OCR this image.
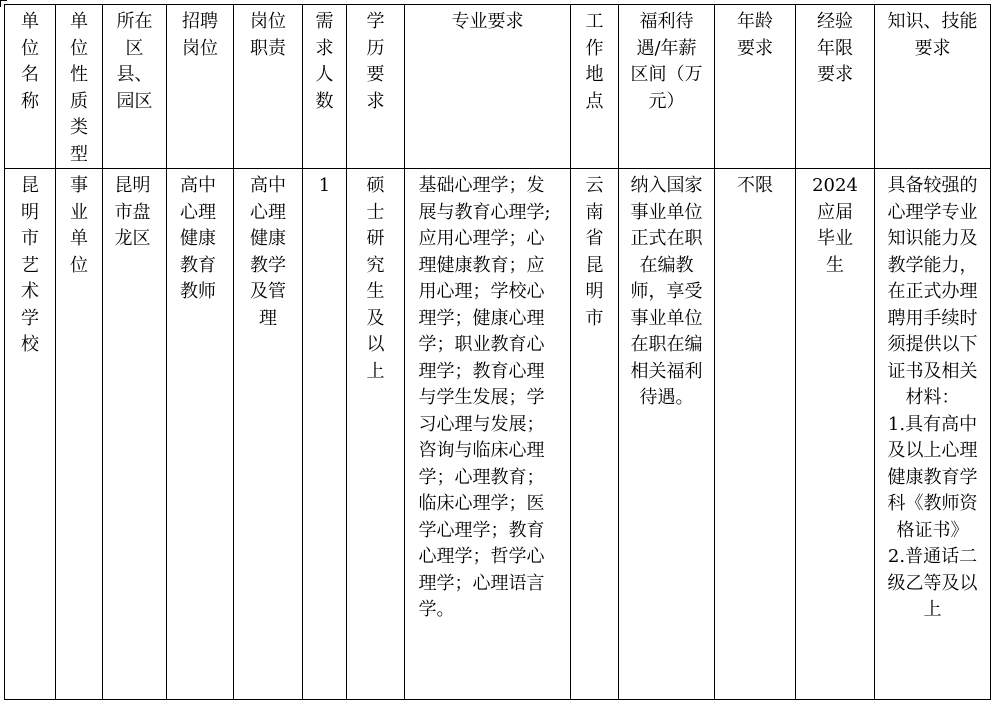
单位名称	单位性质类型	所在区县、园区	招聘岗位	岗位职责	需求人数	学历要求	专业要求	工作地点	福利待遇/年薪区间（万元）	年龄要求	经验年限要求	知识、技能要求

昆明市艺术学校	事业单位	昆明市盘龙区	高中心理健康教育教师	高中心理健康教学及管理	1	硕士研究生及以上	基础心理学；发展与教育心理学;应用心理学；心理健康教育；应用心理；学校心理学；健康心理学；职业教育心理学；教育心理与学生发展；学习心理与发展；咨询与临床心理学；心理教育；临床心理学；医学心理学；教育心理学；哲学心理学；心理语言学。	云南省昆明市	纳入国家事业单位正式在职在编教师，享受事业单位在职在编相关福利待遇。	不限	2024应届毕业生	具备较强的心理学专业知识能力及教学能力，在正式办理聘用手续时须提供以下证书及相关材料：
1.具有高中及以上心理健康教育学科《教师资格证书》
2.普通话二级乙等及以上
